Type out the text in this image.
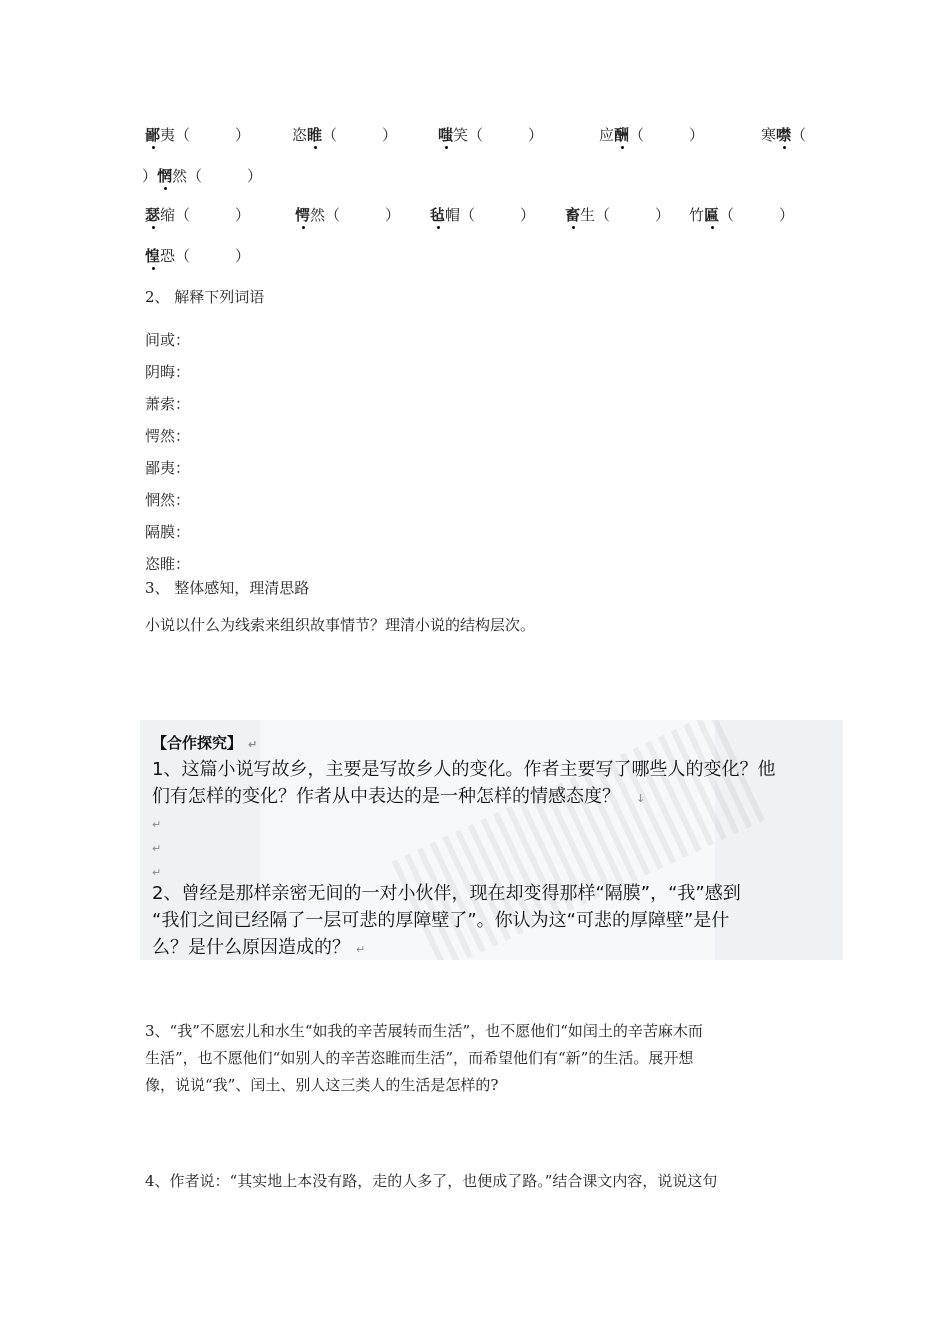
鄙夷（　　　）	恣睢（　　　）	嗤笑（　　　）	应酬（　　　）	寒噤（
）惘然（　　　）
瑟缩（　　　）	愕然（　　　） 毡帽（　　　） 畜生（　　　） 竹匾（　　　）
惶恐（　　　）
2、 解释下列词语
间或：
阴晦：
萧索：
愕然：
鄙夷：
惘然：
隔膜：
恣睢：
3、 整体感知，理清思路
小说以什么为线索来组织故事情节？理清小说的结构层次。
【合作探究】 ↵
1、这篇小说写故乡，主要是写故乡人的变化。作者主要写了哪些人的变化？他
们有怎样的变化？作者从中表达的是一种怎样的情感态度？ ↓
↵
↵
↵
2、曾经是那样亲密无间的一对小伙伴，现在却变得那样“隔膜”，“我”感到
“我们之间已经隔了一层可悲的厚障壁了”。你认为这“可悲的厚障壁”是什
么？是什么原因造成的？ ↵
3、“我”不愿宏儿和水生“如我的辛苦展转而生活”，也不愿他们“如闰土的辛苦麻木而
生活”，也不愿他们“如别人的辛苦恣睢而生活”，而希望他们有“新”的生活。展开想
像，说说“我”、闰土、别人这三类人的生活是怎样的?
4、作者说：“其实地上本没有路，走的人多了，也便成了路。”结合课文内容，说说这句
